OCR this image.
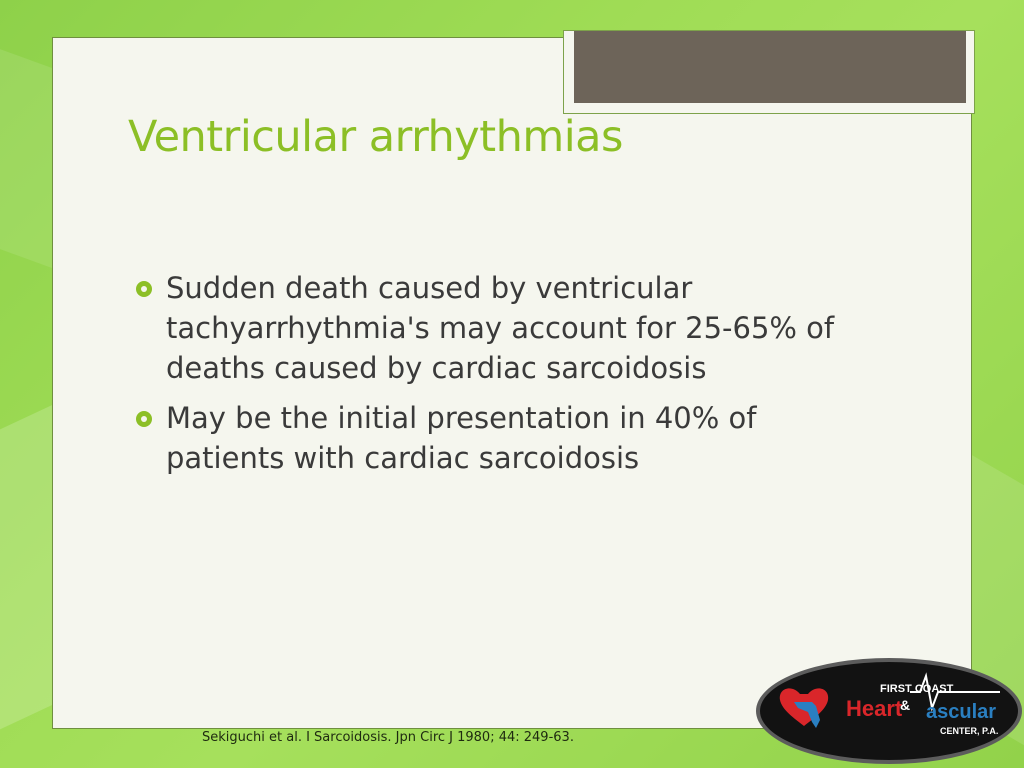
Ventricular arrhythmias
Sudden death caused by ventricular tachyarrhythmia's may account for 25-65% of deaths caused by cardiac sarcoidosis
May be the initial presentation in 40% of patients with cardiac sarcoidosis
Sekiguchi et al. I Sarcoidosis. Jpn Circ J 1980; 44: 249-63.
FIRST COAST
Heart
& ascular
CENTER, P.A.
